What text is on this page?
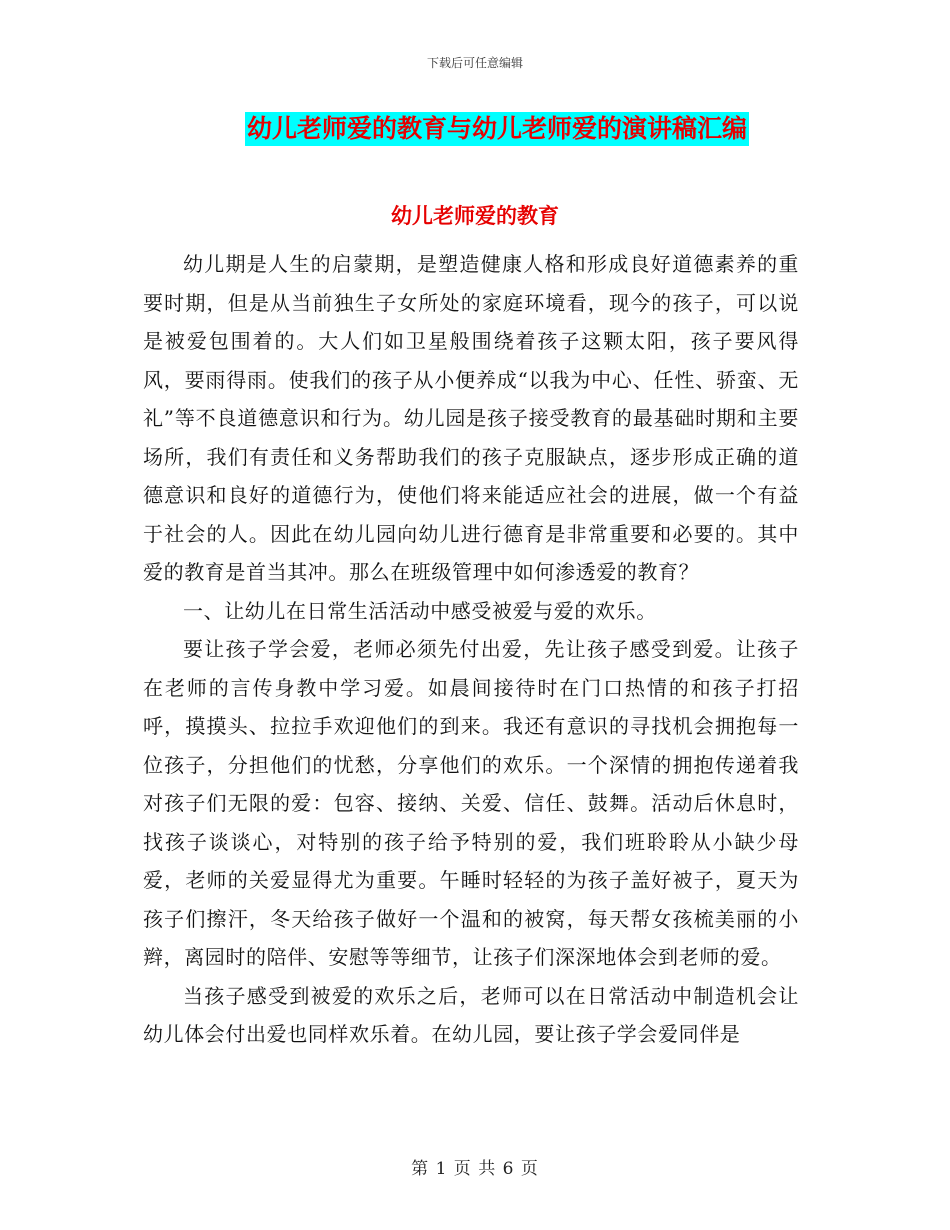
下载后可任意编辑
幼儿老师爱的教育与幼儿老师爱的演讲稿汇编
幼儿老师爱的教育

幼儿期是人生的启蒙期，是塑造健康人格和形成良好道德素养的重要时期，但是从当前独生子女所处的家庭环境看，现今的孩子，可以说是被爱包围着的。大人们如卫星般围绕着孩子这颗太阳，孩子要风得风，要雨得雨。使我们的孩子从小便养成“以我为中心、任性、骄蛮、无礼”等不良道德意识和行为。幼儿园是孩子接受教育的最基础时期和主要场所，我们有责任和义务帮助我们的孩子克服缺点，逐步形成正确的道德意识和良好的道德行为，使他们将来能适应社会的进展，做一个有益于社会的人。因此在幼儿园向幼儿进行德育是非常重要和必要的。其中爱的教育是首当其冲。那么在班级管理中如何渗透爱的教育？

一、让幼儿在日常生活活动中感受被爱与爱的欢乐。

要让孩子学会爱，老师必须先付出爱，先让孩子感受到爱。让孩子在老师的言传身教中学习爱。如晨间接待时在门口热情的和孩子打招呼，摸摸头、拉拉手欢迎他们的到来。我还有意识的寻找机会拥抱每一位孩子，分担他们的忧愁，分享他们的欢乐。一个深情的拥抱传递着我对孩子们无限的爱：包容、接纳、关爱、信任、鼓舞。活动后休息时，找孩子谈谈心，对特别的孩子给予特别的爱，我们班聆聆从小缺少母爱，老师的关爱显得尤为重要。午睡时轻轻的为孩子盖好被子，夏天为孩子们擦汗，冬天给孩子做好一个温和的被窝，每天帮女孩梳美丽的小辫，离园时的陪伴、安慰等等细节，让孩子们深深地体会到老师的爱。

当孩子感受到被爱的欢乐之后，老师可以在日常活动中制造机会让幼儿体会付出爱也同样欢乐着。在幼儿园，要让孩子学会爱同伴是

第 1 页 共 6 页
